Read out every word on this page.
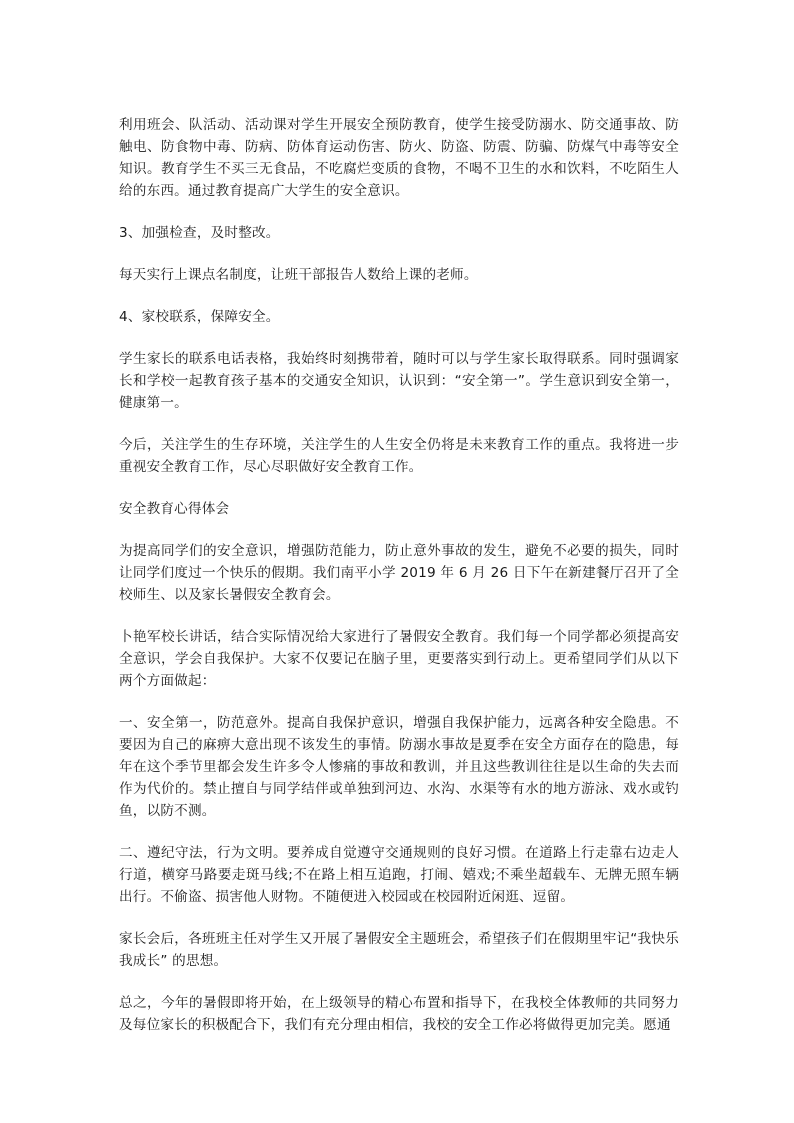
利用班会、队活动、活动课对学生开展安全预防教育，使学生接受防溺水、防交通事故、防触电、防食物中毒、防病、防体育运动伤害、防火、防盗、防震、防骗、防煤气中毒等安全知识。教育学生不买三无食品，不吃腐烂变质的食物，不喝不卫生的水和饮料，不吃陌生人给的东西。通过教育提高广大学生的安全意识。

3、加强检查，及时整改。

每天实行上课点名制度，让班干部报告人数给上课的老师。

4、家校联系，保障安全。

学生家长的联系电话表格，我始终时刻携带着，随时可以与学生家长取得联系。同时强调家长和学校一起教育孩子基本的交通安全知识，认识到：“安全第一”。学生意识到安全第一，健康第一。

今后，关注学生的生存环境，关注学生的人生安全仍将是未来教育工作的重点。我将进一步重视安全教育工作，尽心尽职做好安全教育工作。

安全教育心得体会

为提高同学们的安全意识，增强防范能力，防止意外事故的发生，避免不必要的损失，同时让同学们度过一个快乐的假期。我们南平小学 2019 年 6 月 26 日下午在新建餐厅召开了全校师生、以及家长暑假安全教育会。

卜艳军校长讲话，结合实际情况给大家进行了暑假安全教育。我们每一个同学都必须提高安全意识，学会自我保护。大家不仅要记在脑子里，更要落实到行动上。更希望同学们从以下两个方面做起：

一、安全第一，防范意外。提高自我保护意识，增强自我保护能力，远离各种安全隐患。不要因为自己的麻痹大意出现不该发生的事情。防溺水事故是夏季在安全方面存在的隐患，每年在这个季节里都会发生许多令人惨痛的事故和教训，并且这些教训往往是以生命的失去而作为代价的。禁止擅自与同学结伴或单独到河边、水沟、水渠等有水的地方游泳、戏水或钓鱼，以防不测。

二、遵纪守法，行为文明。要养成自觉遵守交通规则的良好习惯。在道路上行走靠右边走人行道，横穿马路要走斑马线;不在路上相互追跑，打闹、嬉戏;不乘坐超载车、无牌无照车辆出行。不偷盗、损害他人财物。不随便进入校园或在校园附近闲逛、逗留。

家长会后，各班班主任对学生又开展了暑假安全主题班会，希望孩子们在假期里牢记“我快乐我成长” 的思想。

总之，今年的暑假即将开始，在上级领导的精心布置和指导下，在我校全体教师的共同努力及每位家长的积极配合下，我们有充分理由相信，我校的安全工作必将做得更加完美。愿通
